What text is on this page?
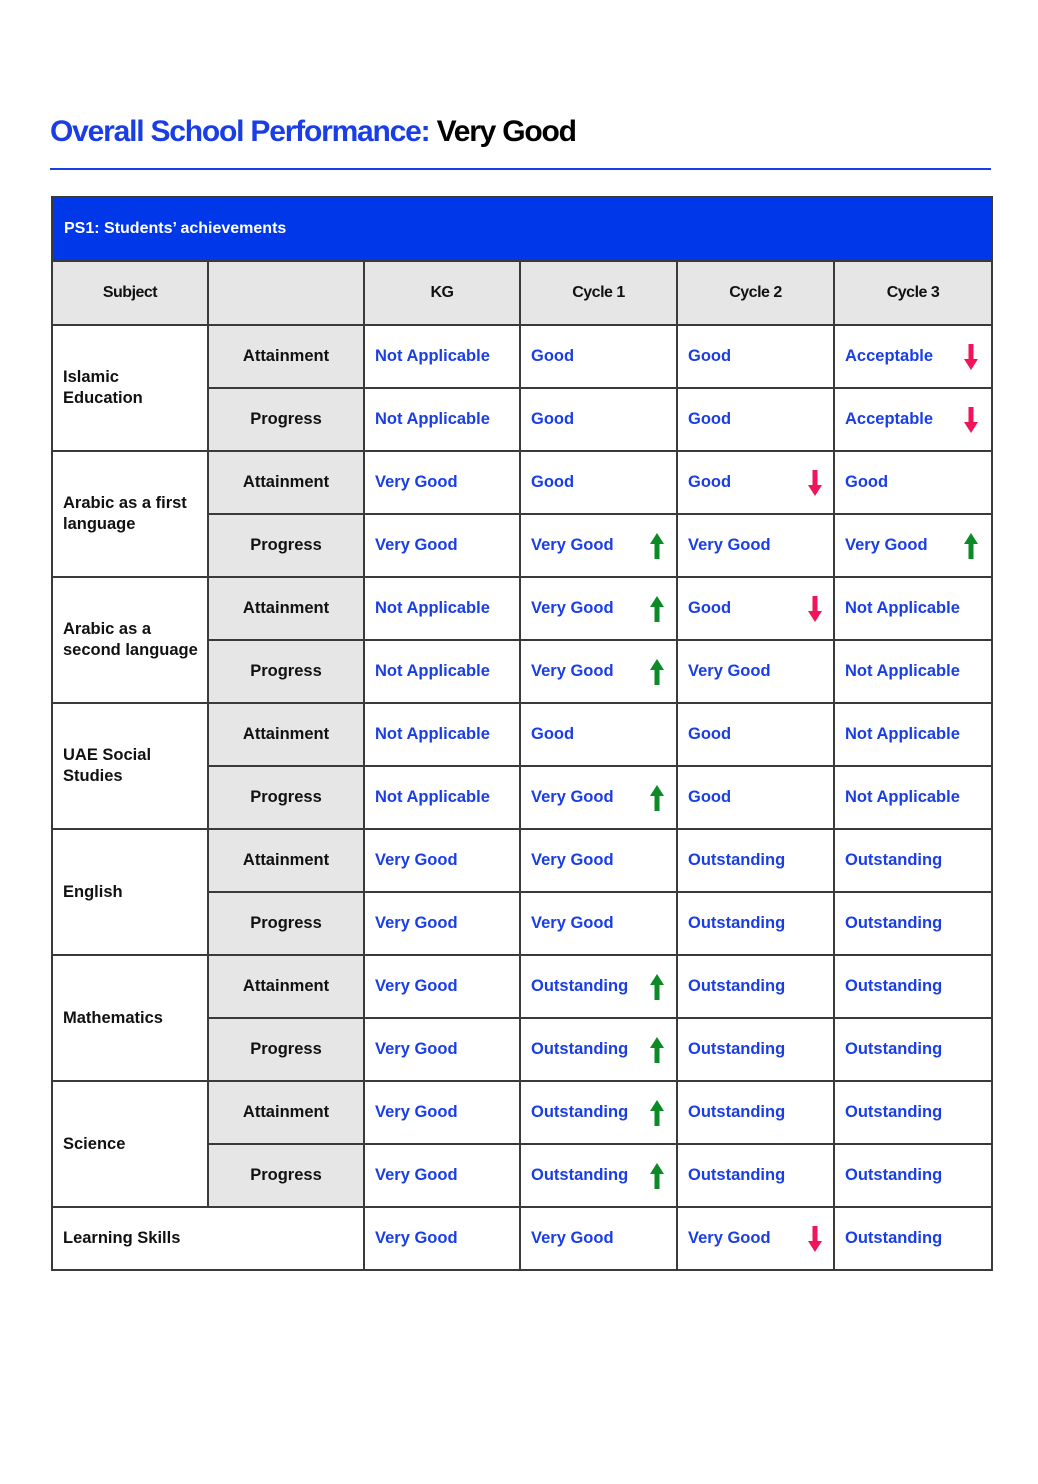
Overall School Performance: Very Good
PS1: Students’ achievements					
Subject		KG	Cycle 1	Cycle 2	Cycle 3
Islamic Education	Attainment	Not Applicable	Good	Good	Acceptable

	Progress	Not Applicable	Good	Good	Acceptable

Arabic as a first language	Attainment	Very Good	Good	Good	Good
	Progress	Very Good	Very Good	Very Good	Very Good

Arabic as a second language	Attainment	Not Applicable	Very Good	Good	Not Applicable
	Progress	Not Applicable	Very Good	Very Good	Not Applicable
UAE Social Studies	Attainment	Not Applicable	Good	Good	Not Applicable
	Progress	Not Applicable	Very Good	Good	Not Applicable
English	Attainment	Very Good	Very Good	Outstanding	Outstanding
	Progress	Very Good	Very Good	Outstanding	Outstanding
Mathematics	Attainment	Very Good	Outstanding	Outstanding	Outstanding
	Progress	Very Good	Outstanding	Outstanding	Outstanding
Science	Attainment	Very Good	Outstanding	Outstanding	Outstanding
	Progress	Very Good	Outstanding	Outstanding	Outstanding
Learning Skills		Very Good	Very Good	Very Good	Outstanding
